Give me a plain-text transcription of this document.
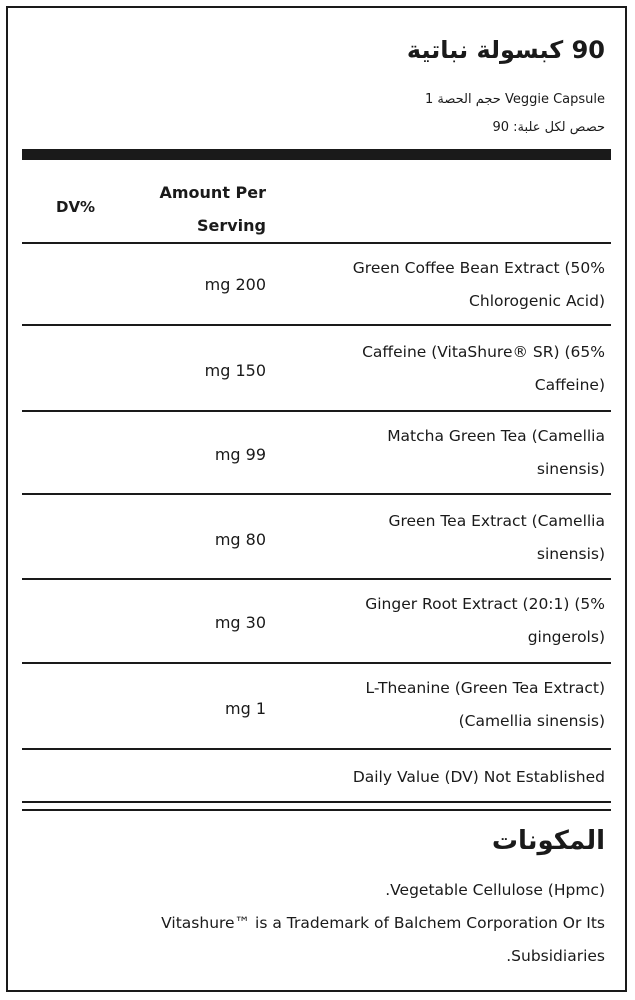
90 كبسولة نباتية
حجم الحصة 1 Veggie Capsule
حصص لكل علبة: 90
DV%
Amount Per
Serving
mg 200
Green Coffee Bean Extract (50%
Chlorogenic Acid)
mg 150
Caffeine (VitaShure® SR) (65%
Caffeine)
mg 99
Matcha Green Tea (Camellia
sinensis)
mg 80
Green Tea Extract (Camellia
sinensis)
mg 30
Ginger Root Extract (20:1) (5%
gingerols)
mg 1
L-Theanine (Green Tea Extract)
(Camellia sinensis)
Daily Value (DV) Not Established
المكونات
.Vegetable Cellulose (Hpmc)
Vitashure™ is a Trademark of Balchem Corporation Or Its
.Subsidiaries
